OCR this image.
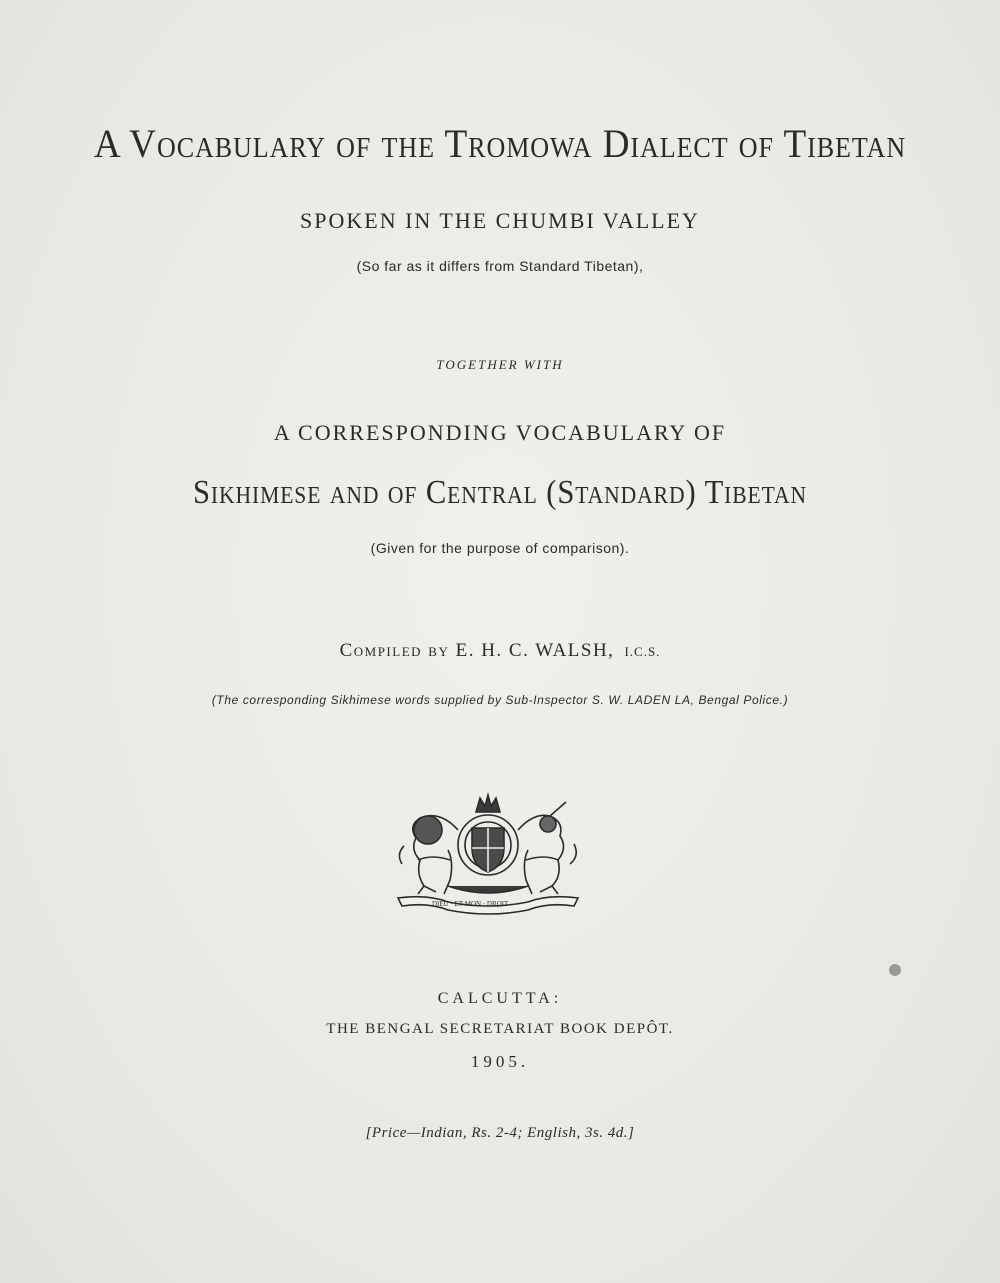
A Vocabulary of the Tromowa Dialect of Tibetan
SPOKEN IN THE CHUMBI VALLEY
(So far as it differs from Standard Tibetan),
TOGETHER WITH
A CORRESPONDING VOCABULARY OF
Sikhimese and of Central (Standard) Tibetan
(Given for the purpose of comparison).
Compiled by E. H. C. WALSH, I.C.S.
(The corresponding Sikhimese words supplied by Sub-Inspector S. W. LADEN LA, Bengal Police.)
DIEU · ET MON · DROIT
CALCUTTA:
THE BENGAL SECRETARIAT BOOK DEPÔT.
1905.
[Price—Indian, Rs. 2-4; English, 3s. 4d.]
